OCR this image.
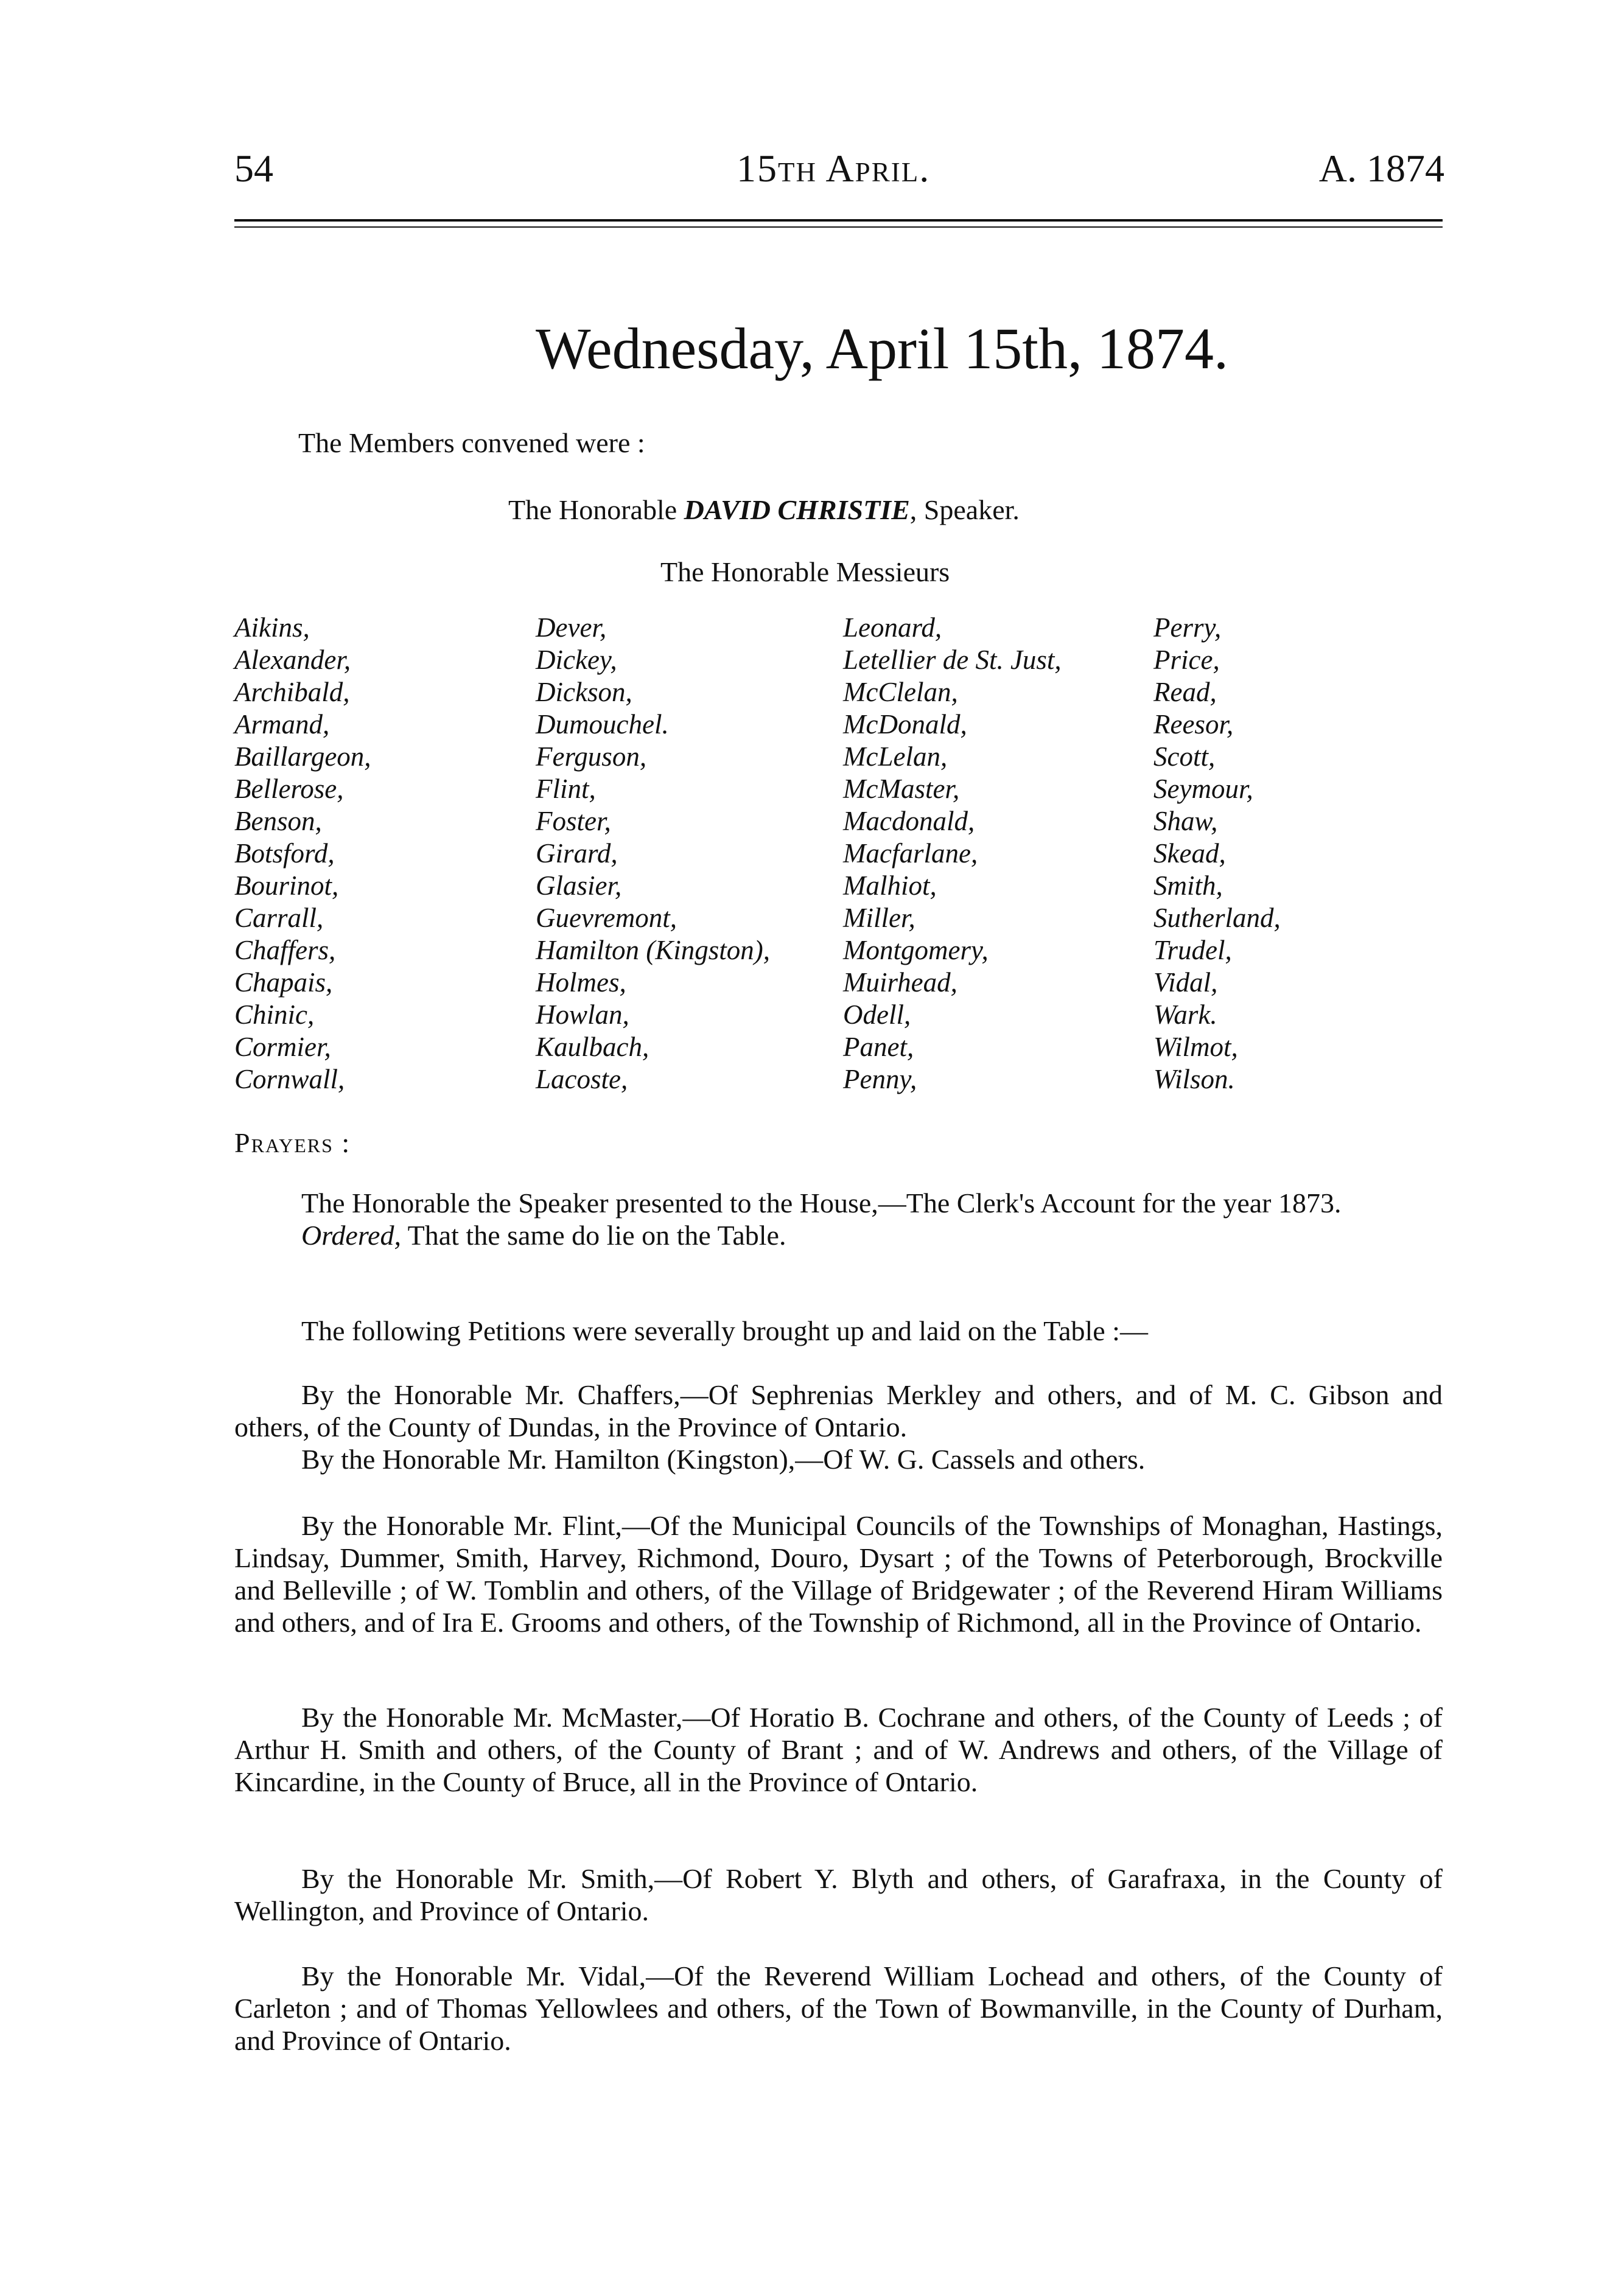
54	15th April.	A. 1874
Wednesday, April 15th, 1874.
The Members convened were :
The Honorable DAVID CHRISTIE, Speaker.
The Honorable Messieurs
Aikins,
Alexander,
Archibald,
Armand,
Baillargeon,
Bellerose,
Benson,
Botsford,
Bourinot,
Carrall,
Chaffers,
Chapais,
Chinic,
Cormier,
Cornwall,
Dever,
Dickey,
Dickson,
Dumouchel.
Ferguson,
Flint,
Foster,
Girard,
Glasier,
Guevremont,
Hamilton (Kingston),
Holmes,
Howlan,
Kaulbach,
Lacoste,
Leonard,
Letellier de St. Just,
McClelan,
McDonald,
McLelan,
McMaster,
Macdonald,
Macfarlane,
Malhiot,
Miller,
Montgomery,
Muirhead,
Odell,
Panet,
Penny,
Perry,
Price,
Read,
Reesor,
Scott,
Seymour,
Shaw,
Skead,
Smith,
Sutherland,
Trudel,
Vidal,
Wark.
Wilmot,
Wilson.
Prayers :

The Honorable the Speaker presented to the House,—The Clerk's Account for the year 1873.

Ordered, That the same do lie on the Table.

The following Petitions were severally brought up and laid on the Table :—

By the Honorable Mr. Chaffers,—Of Sephrenias Merkley and others, and of M. C. Gibson and others, of the County of Dundas, in the Province of Ontario.

By the Honorable Mr. Hamilton (Kingston),—Of W. G. Cassels and others.

By the Honorable Mr. Flint,—Of the Municipal Councils of the Townships of Monaghan, Hastings, Lindsay, Dummer, Smith, Harvey, Richmond, Douro, Dysart ; of the Towns of Peterborough, Brockville and Belleville ; of W. Tomblin and others, of the Village of Bridgewater ; of the Reverend Hiram Williams and others, and of Ira E. Grooms and others, of the Township of Richmond, all in the Province of Ontario.

By the Honorable Mr. McMaster,—Of Horatio B. Cochrane and others, of the County of Leeds ; of Arthur H. Smith and others, of the County of Brant ; and of W. Andrews and others, of the Village of Kincardine, in the County of Bruce, all in the Province of Ontario.

By the Honorable Mr. Smith,—Of Robert Y. Blyth and others, of Garafraxa, in the County of Wellington, and Province of Ontario.

By the Honorable Mr. Vidal,—Of the Reverend William Lochead and others, of the County of Carleton ; and of Thomas Yellowlees and others, of the Town of Bowmanville, in the County of Durham, and Province of Ontario.
